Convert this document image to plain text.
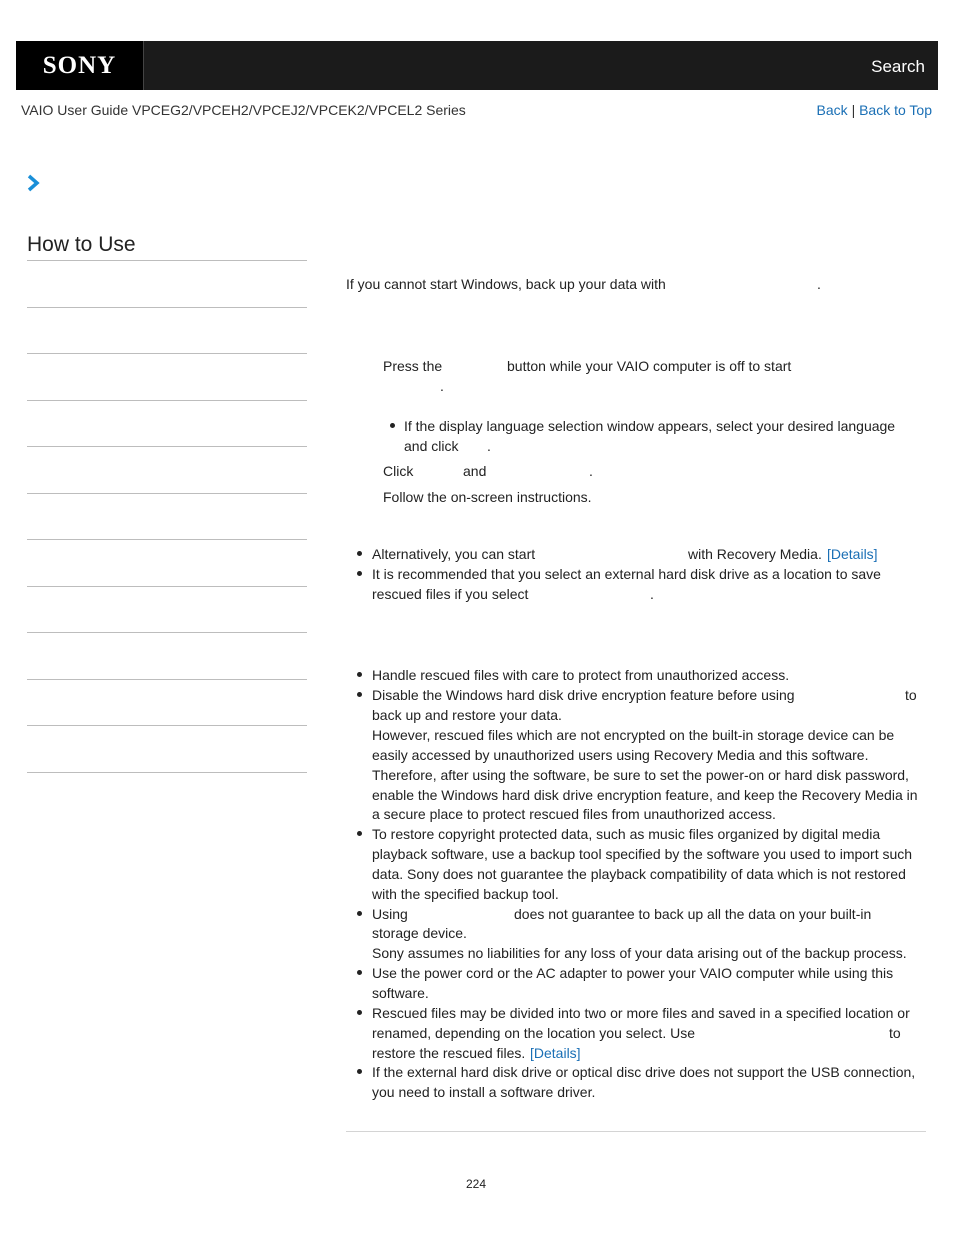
SONY	Search
VAIO User Guide VPCEG2/VPCEH2/VPCEJ2/VPCEK2/VPCEL2 Series	Back | Back to Top
How to Use
If you cannot start Windows, back up your data with	.
Press the	button while your VAIO computer is off to start
.
If the display language selection window appears, select your desired language
and click .
Click	and	.
Follow the on-screen instructions.
Alternatively, you can start	with Recovery Media. [Details]
It is recommended that you select an external hard disk drive as a location to save
rescued files if you select	.
Handle rescued files with care to protect from unauthorized access.
Disable the Windows hard disk drive encryption feature before using	to
back up and restore your data.
However, rescued files which are not encrypted on the built-in storage device can be
easily accessed by unauthorized users using Recovery Media and this software.
Therefore, after using the software, be sure to set the power-on or hard disk password,
enable the Windows hard disk drive encryption feature, and keep the Recovery Media in
a secure place to protect rescued files from unauthorized access.
To restore copyright protected data, such as music files organized by digital media
playback software, use a backup tool specified by the software you used to import such
data. Sony does not guarantee the playback compatibility of data which is not restored
with the specified backup tool.
Using	does not guarantee to back up all the data on your built-in
storage device.
Sony assumes no liabilities for any loss of your data arising out of the backup process.
Use the power cord or the AC adapter to power your VAIO computer while using this
software.
Rescued files may be divided into two or more files and saved in a specified location or
renamed, depending on the location you select. Use	to
restore the rescued files. [Details]
If the external hard disk drive or optical disc drive does not support the USB connection,
you need to install a software driver.
224
